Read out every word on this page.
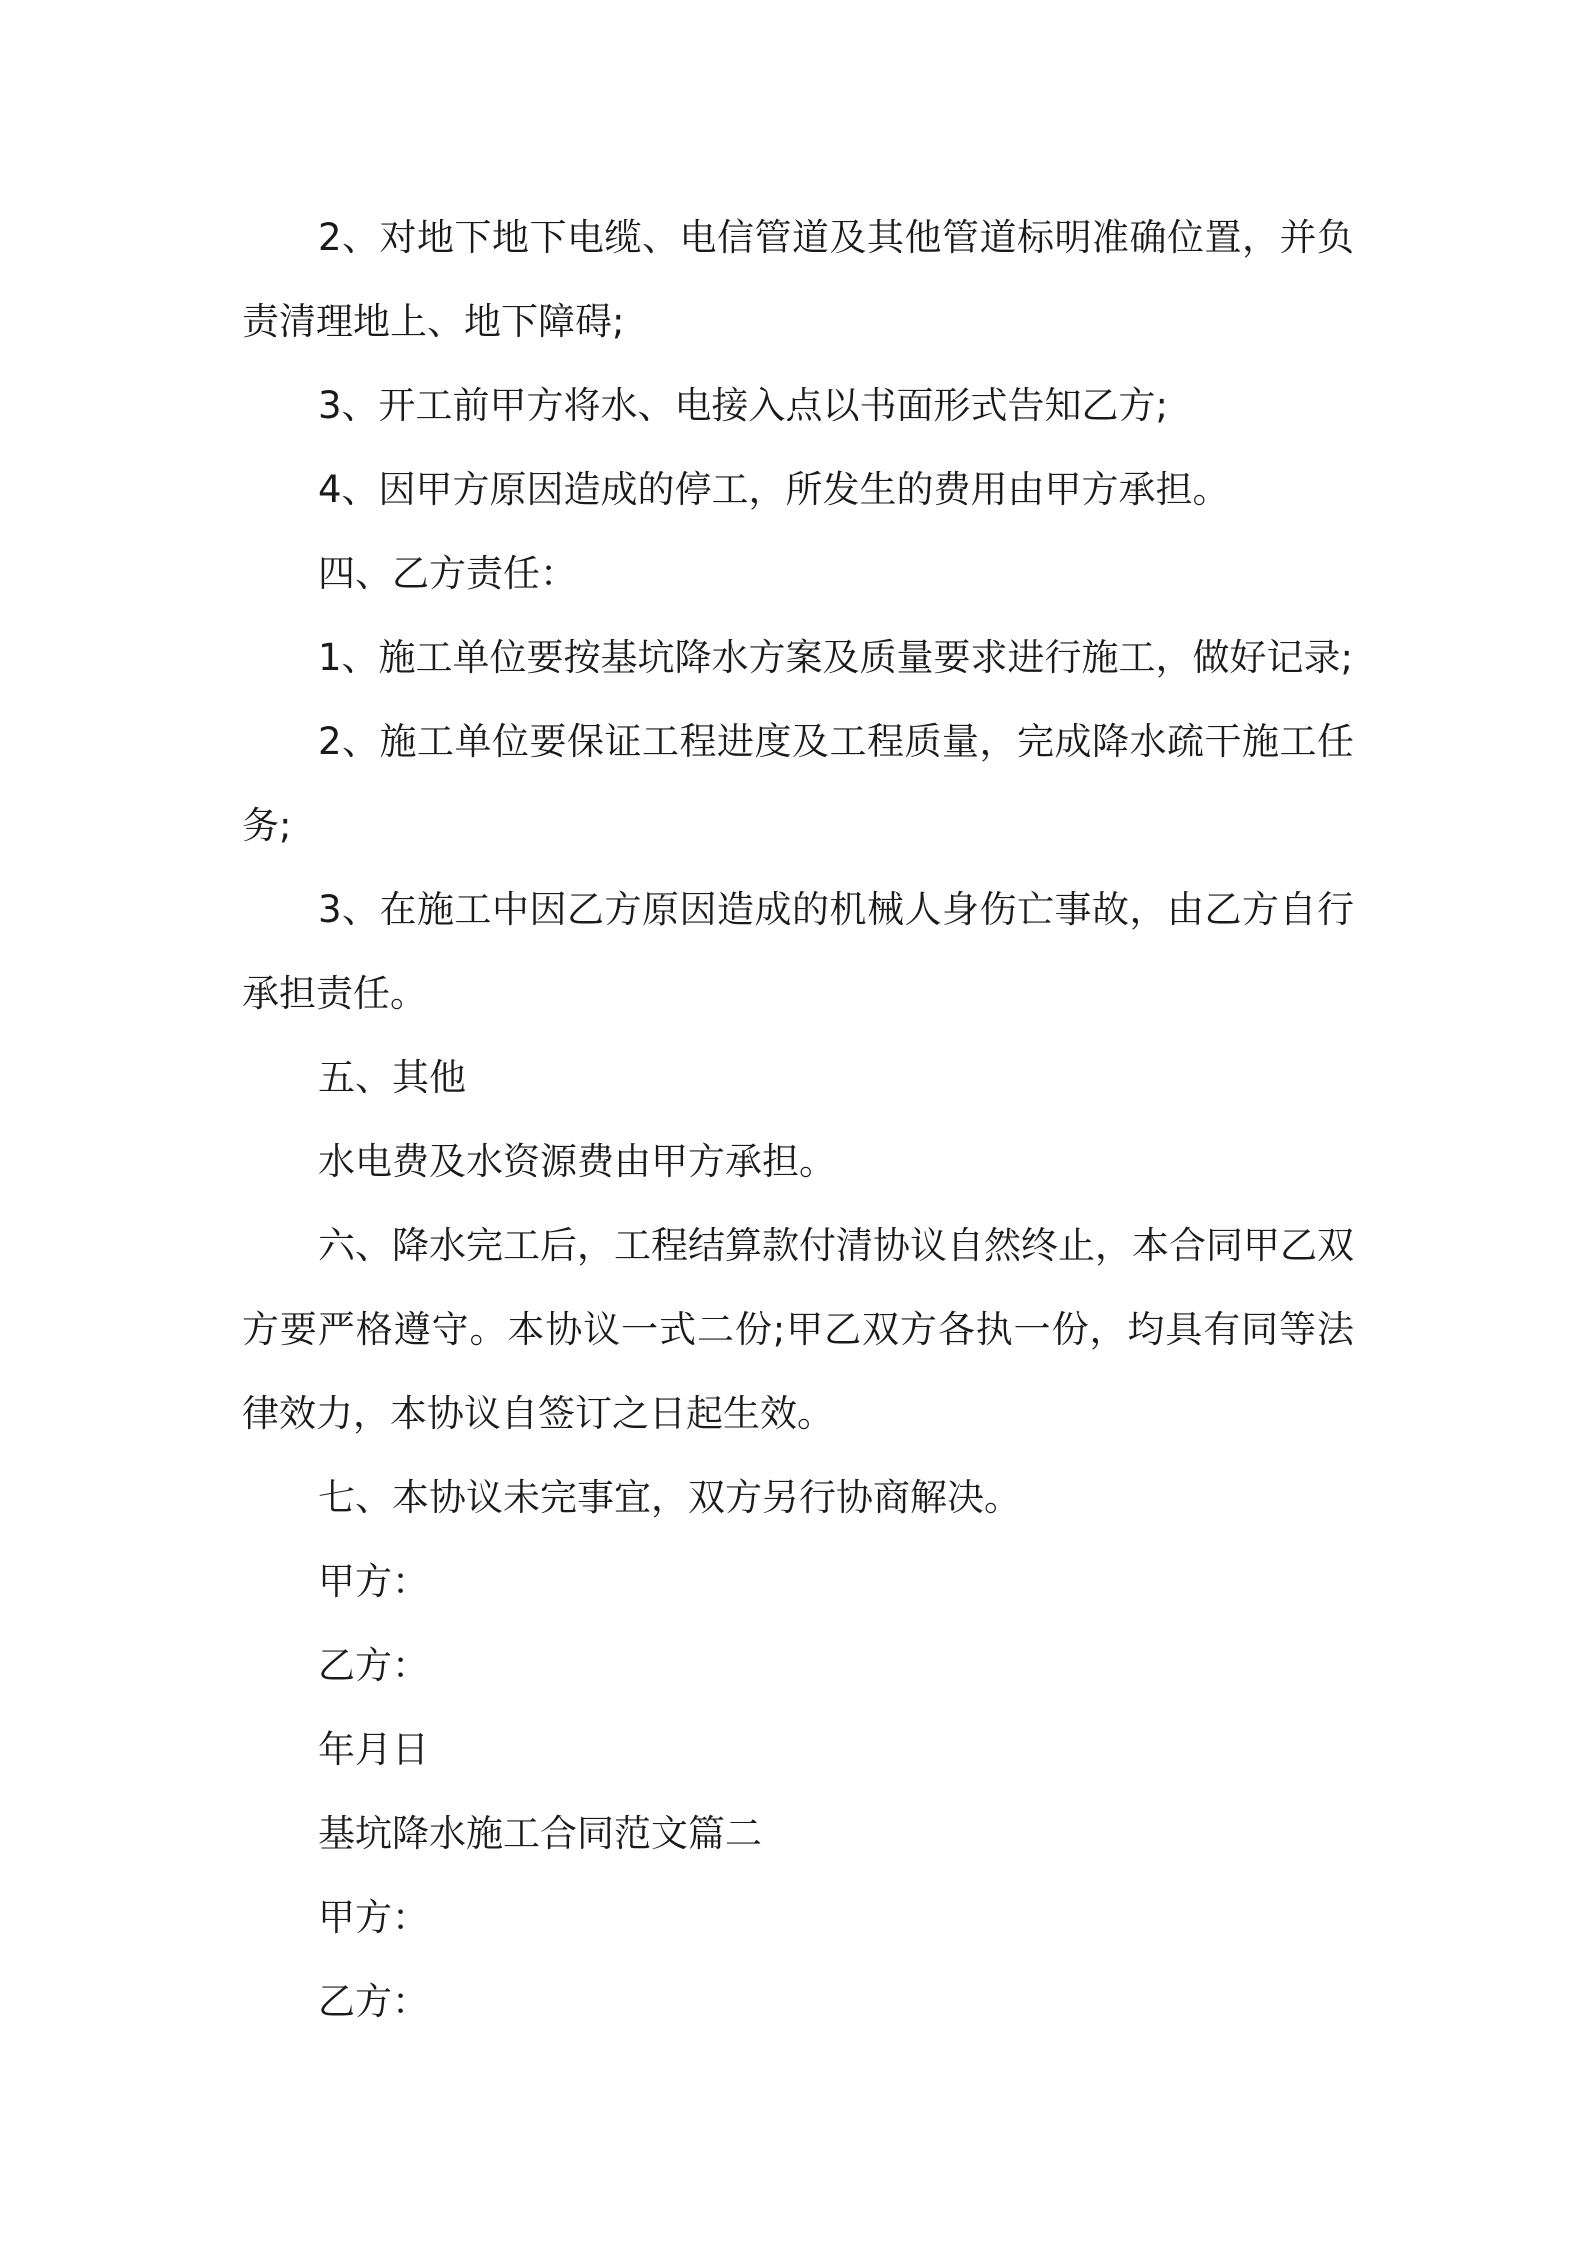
2、对地下地下电缆、电信管道及其他管道标明准确位置，并负责清理地上、地下障碍;

3、开工前甲方将水、电接入点以书面形式告知乙方;

4、因甲方原因造成的停工，所发生的费用由甲方承担。

四、乙方责任：

1、施工单位要按基坑降水方案及质量要求进行施工，做好记录;

2、施工单位要保证工程进度及工程质量，完成降水疏干施工任务;

3、在施工中因乙方原因造成的机械人身伤亡事故，由乙方自行承担责任。

五、其他

水电费及水资源费由甲方承担。

六、降水完工后，工程结算款付清协议自然终止，本合同甲乙双方要严格遵守。本协议一式二份;甲乙双方各执一份，均具有同等法律效力，本协议自签订之日起生效。

七、本协议未完事宜，双方另行协商解决。

甲方：

乙方：

年月日

基坑降水施工合同范文篇二

甲方：

乙方：
